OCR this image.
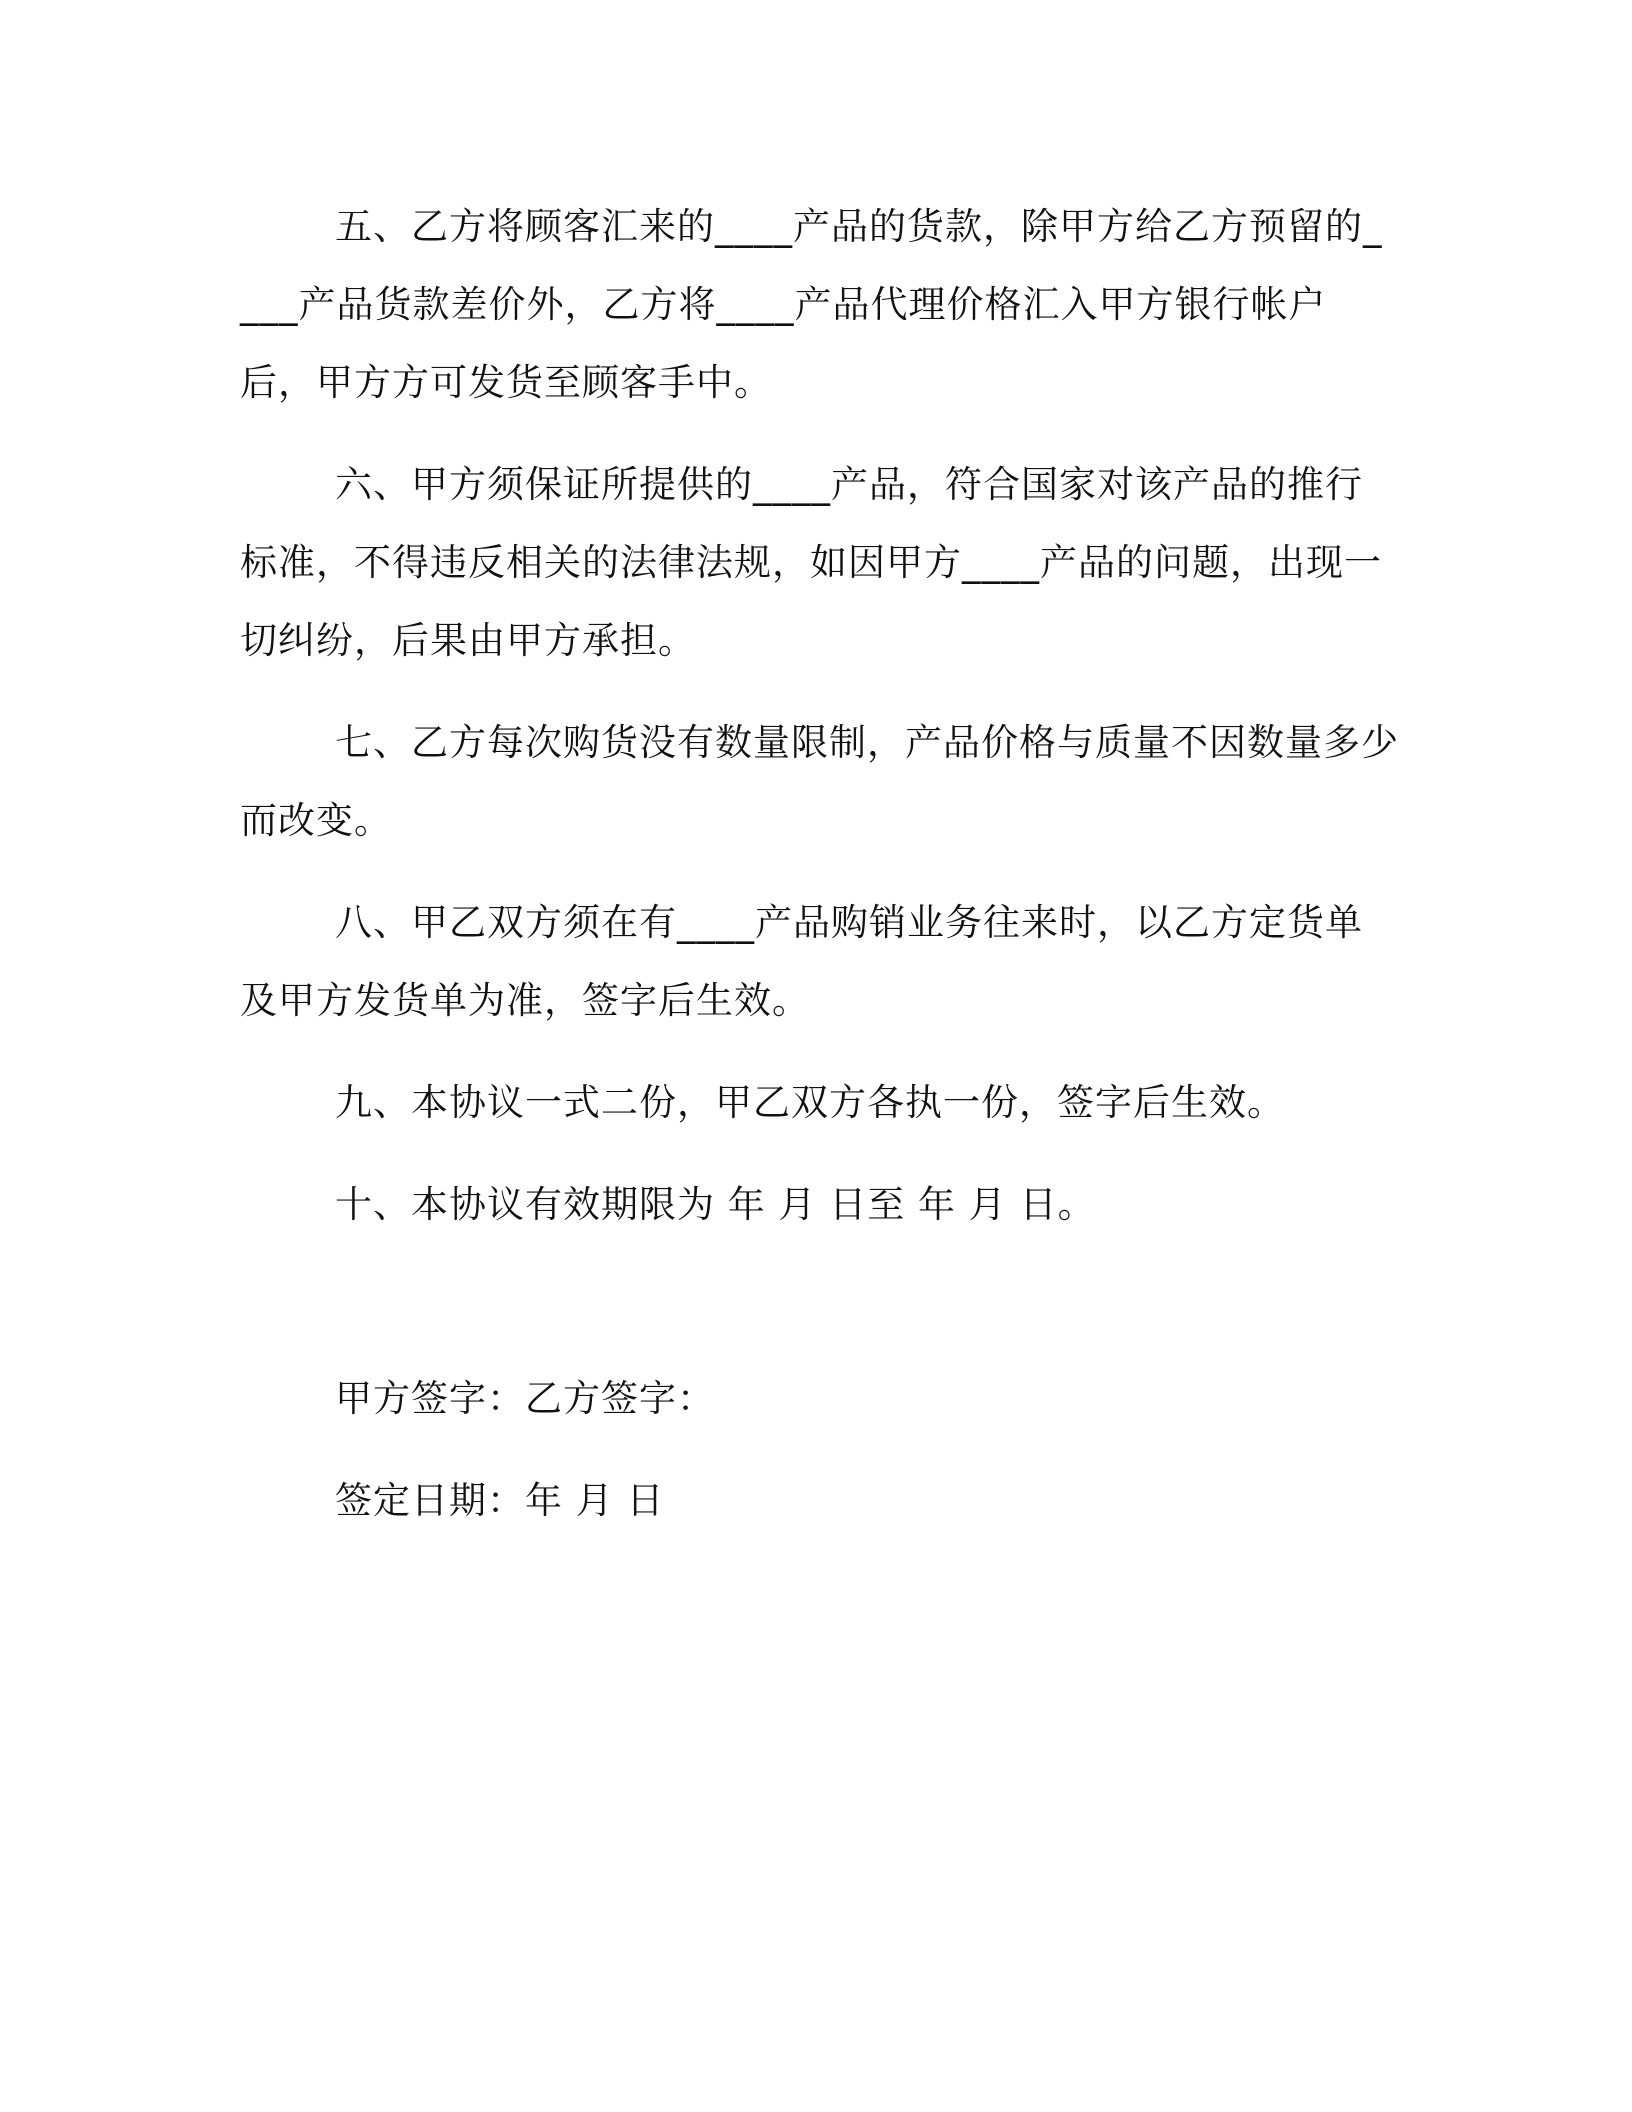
五、乙方将顾客汇来的____产品的货款，除甲方给乙方预留的____产品货款差价外，乙方将____产品代理价格汇入甲方银行帐户后，甲方方可发货至顾客手中。

六、甲方须保证所提供的____产品，符合国家对该产品的推行标准，不得违反相关的法律法规，如因甲方____产品的问题，出现一切纠纷，后果由甲方承担。

七、乙方每次购货没有数量限制，产品价格与质量不因数量多少而改变。

八、甲乙双方须在有____产品购销业务往来时，以乙方定货单及甲方发货单为准，签字后生效。

九、本协议一式二份，甲乙双方各执一份，签字后生效。

十、本协议有效期限为 年 月 日至 年 月 日。

甲方签字：乙方签字：

签定日期：年 月 日
